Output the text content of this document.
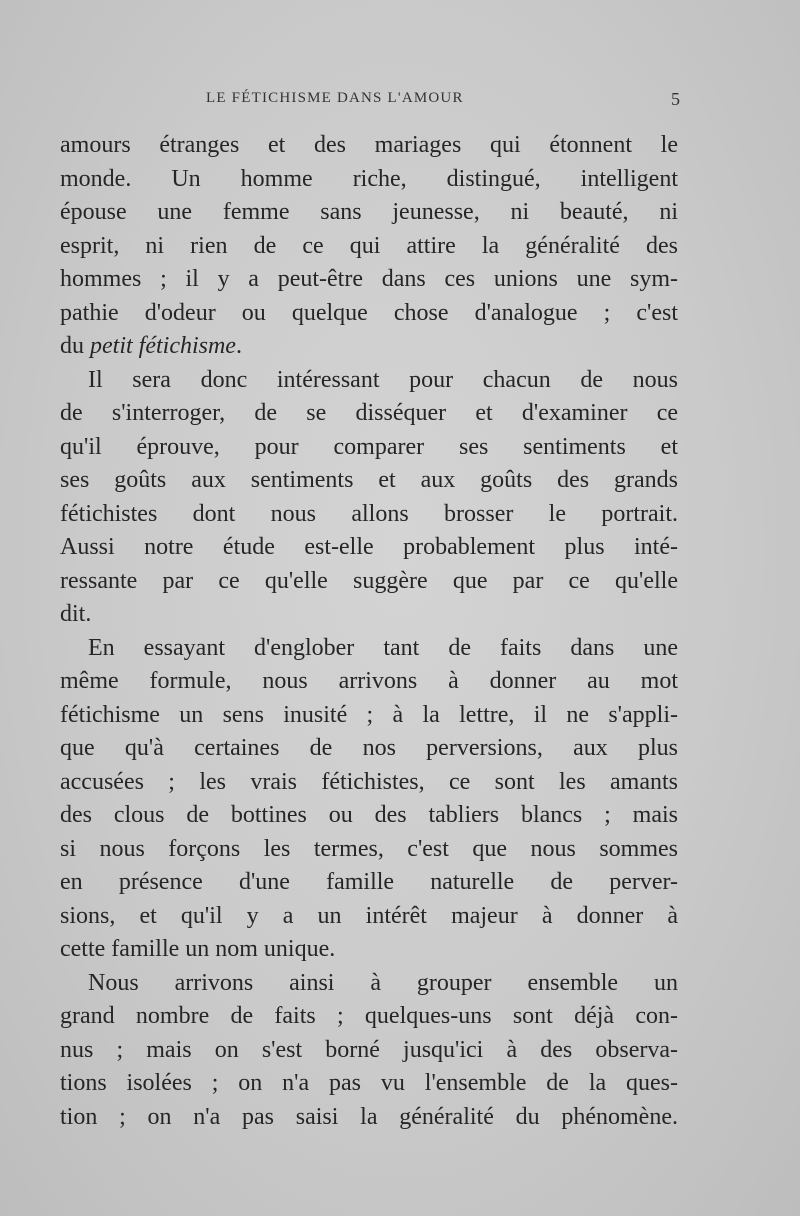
LE FÉTICHISME DANS L'AMOUR	5
amours étranges et des mariages qui étonnent le
monde. Un homme riche, distingué, intelligent
épouse une femme sans jeunesse, ni beauté, ni
esprit, ni rien de ce qui attire la généralité des
hommes ; il y a peut-être dans ces unions une sym-
pathie d'odeur ou quelque chose d'analogue ; c'est
du petit fétichisme.
Il sera donc intéressant pour chacun de nous
de s'interroger, de se disséquer et d'examiner ce
qu'il éprouve, pour comparer ses sentiments et
ses goûts aux sentiments et aux goûts des grands
fétichistes dont nous allons brosser le portrait.
Aussi notre étude est-elle probablement plus inté-
ressante par ce qu'elle suggère que par ce qu'elle
dit.
En essayant d'englober tant de faits dans une
même formule, nous arrivons à donner au mot
fétichisme un sens inusité ; à la lettre, il ne s'appli-
que qu'à certaines de nos perversions, aux plus
accusées ; les vrais fétichistes, ce sont les amants
des clous de bottines ou des tabliers blancs ; mais
si nous forçons les termes, c'est que nous sommes
en présence d'une famille naturelle de perver-
sions, et qu'il y a un intérêt majeur à donner à
cette famille un nom unique.
Nous arrivons ainsi à grouper ensemble un
grand nombre de faits ; quelques-uns sont déjà con-
nus ; mais on s'est borné jusqu'ici à des observa-
tions isolées ; on n'a pas vu l'ensemble de la ques-
tion ; on n'a pas saisi la généralité du phénomène.
